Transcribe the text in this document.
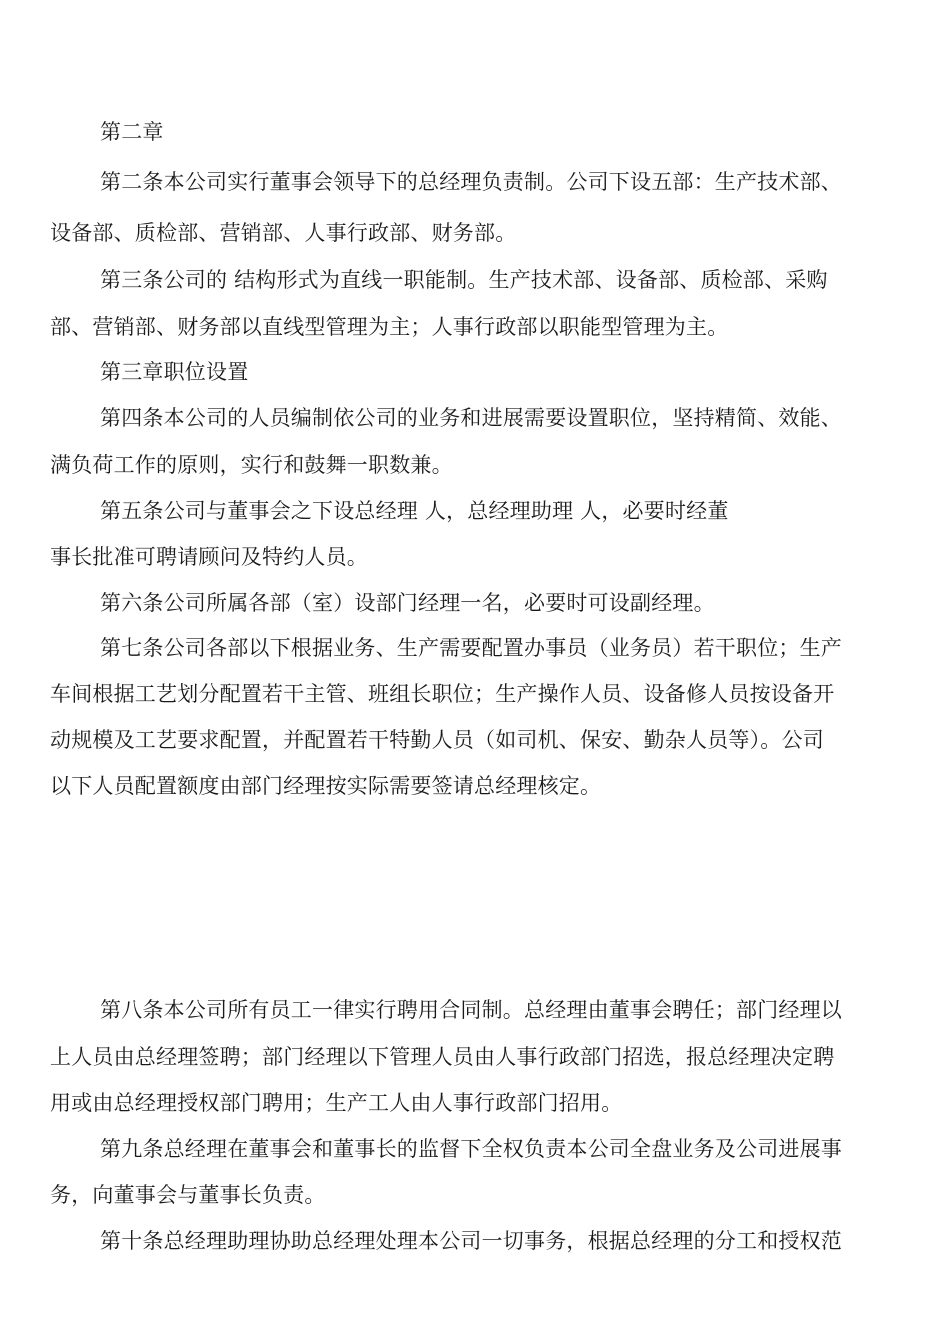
第二章

第二条本公司实行董事会领导下的总经理负责制。公司下设五部：生产技术部、

设备部、质检部、营销部、人事行政部、财务部。

第三条公司的 结构形式为直线一职能制。生产技术部、设备部、质检部、采购

部、营销部、财务部以直线型管理为主；人事行政部以职能型管理为主。

第三章职位设置

第四条本公司的人员编制依公司的业务和进展需要设置职位，坚持精简、效能、

满负荷工作的原则，实行和鼓舞一职数兼。

第五条公司与董事会之下设总经理 人，总经理助理 人，必要时经董

事长批准可聘请顾问及特约人员。

第六条公司所属各部（室）设部门经理一名，必要时可设副经理。

第七条公司各部以下根据业务、生产需要配置办事员（业务员）若干职位；生产

车间根据工艺划分配置若干主管、班组长职位；生产操作人员、设备修人员按设备开

动规模及工艺要求配置，并配置若干特勤人员（如司机、保安、勤杂人员等）。公司

以下人员配置额度由部门经理按实际需要签请总经理核定。

第八条本公司所有员工一律实行聘用合同制。总经理由董事会聘任；部门经理以

上人员由总经理签聘；部门经理以下管理人员由人事行政部门招选，报总经理决定聘

用或由总经理授权部门聘用；生产工人由人事行政部门招用。

第九条总经理在董事会和董事长的监督下全权负责本公司全盘业务及公司进展事

务，向董事会与董事长负责。

第十条总经理助理协助总经理处理本公司一切事务，根据总经理的分工和授权范
